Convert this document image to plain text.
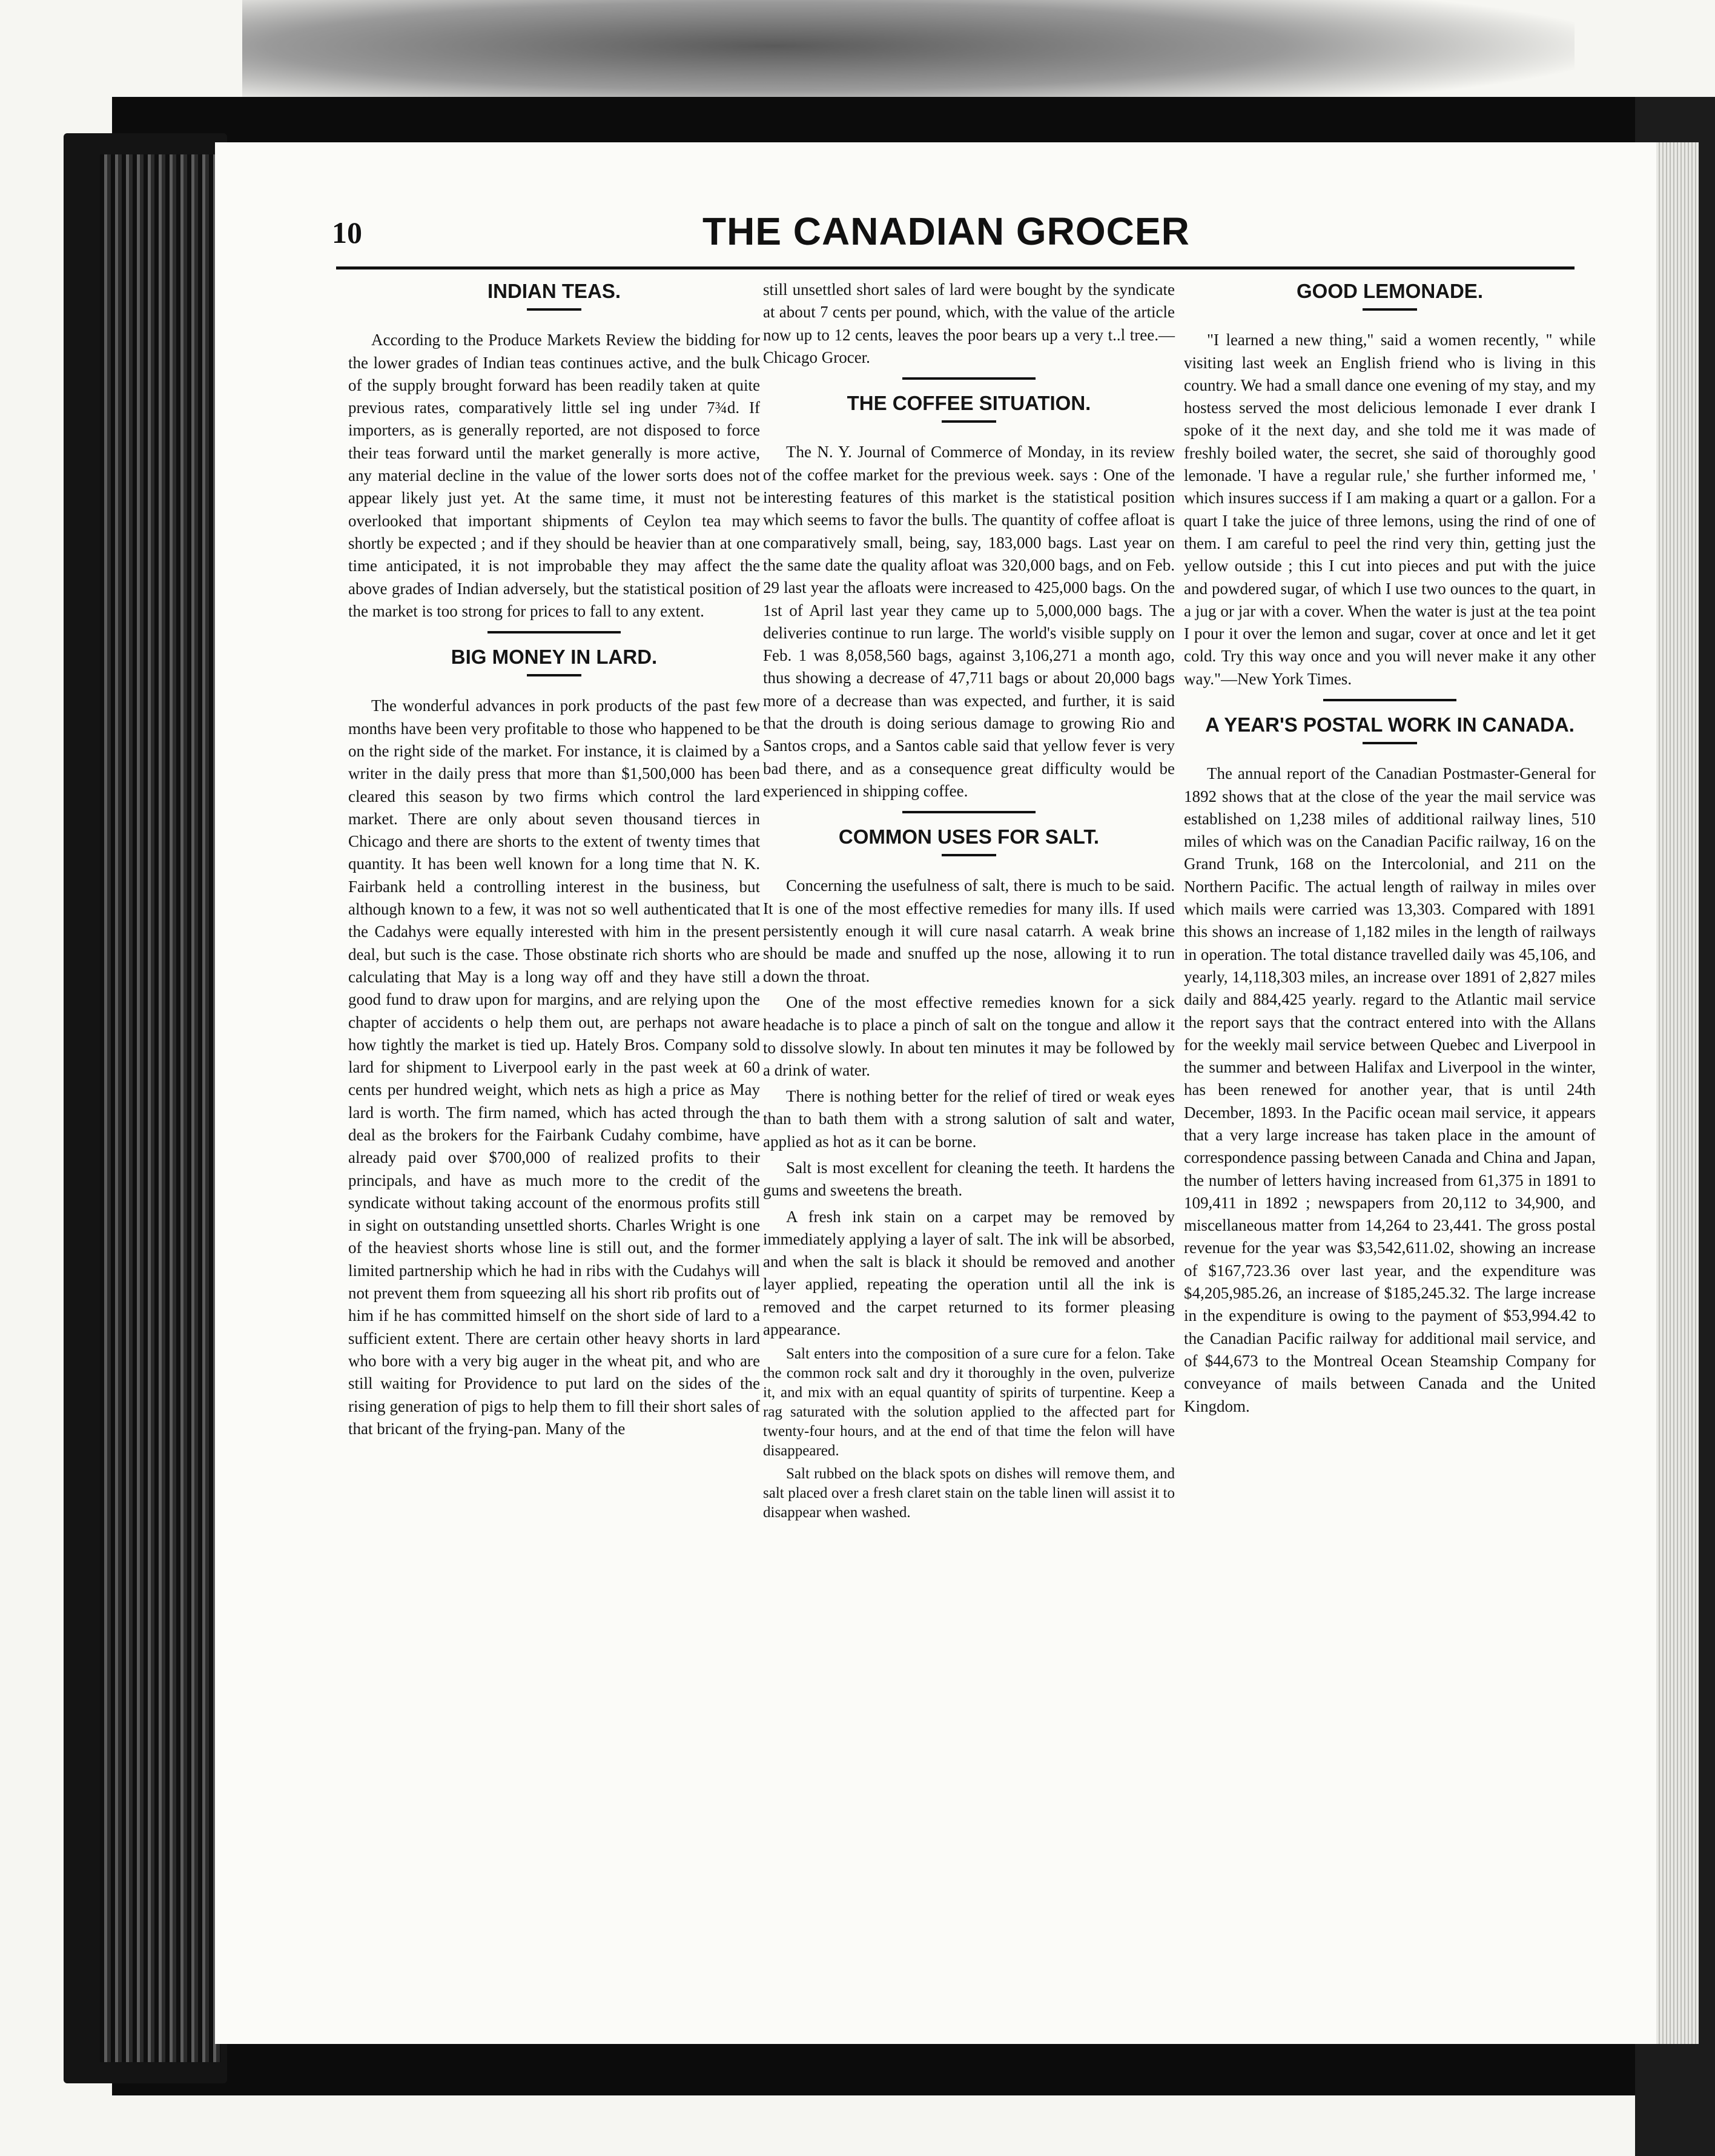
10	THE CANADIAN GROCER
INDIAN TEAS.

According to the Produce Markets Review the bidding for the lower grades of Indian teas continues active, and the bulk of the supply brought forward has been readily taken at quite previous rates, comparatively little sel ing under 7¾d. If importers, as is generally reported, are not disposed to force their teas forward until the market generally is more active, any material decline in the value of the lower sorts does not appear likely just yet. At the same time, it must not be overlooked that important shipments of Ceylon tea may shortly be expected ; and if they should be heavier than at one time anticipated, it is not improbable they may affect the above grades of Indian adversely, but the statistical position of the market is too strong for prices to fall to any extent.

BIG MONEY IN LARD.

The wonderful advances in pork products of the past few months have been very profitable to those who happened to be on the right side of the market. For instance, it is claimed by a writer in the daily press that more than $1,500,000 has been cleared this season by two firms which control the lard market. There are only about seven thousand tierces in Chicago and there are shorts to the extent of twenty times that quantity. It has been well known for a long time that N. K. Fairbank held a controlling interest in the business, but although known to a few, it was not so well authenticated that the Cadahys were equally interested with him in the present deal, but such is the case. Those obstinate rich shorts who are calculating that May is a long way off and they have still a good fund to draw upon for margins, and are relying upon the chapter of accidents o help them out, are perhaps not aware how tightly the market is tied up. Hately Bros. Company sold lard for shipment to Liverpool early in the past week at 60 cents per hundred weight, which nets as high a price as May lard is worth. The firm named, which has acted through the deal as the brokers for the Fairbank Cudahy combime, have already paid over $700,000 of realized profits to their principals, and have as much more to the credit of the syndicate without taking account of the enormous profits still in sight on outstanding unsettled shorts. Charles Wright is one of the heaviest shorts whose line is still out, and the former limited partnership which he had in ribs with the Cudahys will not prevent them from squeezing all his short rib profits out of him if he has committed himself on the short side of lard to a sufficient extent. There are certain other heavy shorts in lard who bore with a very big auger in the wheat pit, and who are still waiting for Providence to put lard on the sides of the rising generation of pigs to help them to fill their short sales of that bricant of the frying-pan. Many of the

still unsettled short sales of lard were bought by the syndicate at about 7 cents per pound, which, with the value of the article now up to 12 cents, leaves the poor bears up a very t..l tree.—Chicago Grocer.

THE COFFEE SITUATION.

The N. Y. Journal of Commerce of Monday, in its review of the coffee market for the previous week. says : One of the interesting features of this market is the statistical position which seems to favor the bulls. The quantity of coffee afloat is comparatively small, being, say, 183,000 bags. Last year on the same date the quality afloat was 320,000 bags, and on Feb. 29 last year the afloats were increased to 425,000 bags. On the 1st of April last year they came up to 5,000,000 bags. The deliveries continue to run large. The world's visible supply on Feb. 1 was 8,058,560 bags, against 3,106,271 a month ago, thus showing a decrease of 47,711 bags or about 20,000 bags more of a decrease than was expected, and further, it is said that the drouth is doing serious damage to growing Rio and Santos crops, and a Santos cable said that yellow fever is very bad there, and as a consequence great difficulty would be experienced in shipping coffee.

COMMON USES FOR SALT.

Concerning the usefulness of salt, there is much to be said. It is one of the most effective remedies for many ills. If used persistently enough it will cure nasal catarrh. A weak brine should be made and snuffed up the nose, allowing it to run down the throat.

One of the most effective remedies known for a sick headache is to place a pinch of salt on the tongue and allow it to dissolve slowly. In about ten minutes it may be followed by a drink of water.

There is nothing better for the relief of tired or weak eyes than to bath them with a strong salution of salt and water, applied as hot as it can be borne.

Salt is most excellent for cleaning the teeth. It hardens the gums and sweetens the breath.

A fresh ink stain on a carpet may be removed by immediately applying a layer of salt. The ink will be absorbed, and when the salt is black it should be removed and another layer applied, repeating the operation until all the ink is removed and the carpet returned to its former pleasing appearance.

Salt enters into the composition of a sure cure for a felon. Take the common rock salt and dry it thoroughly in the oven, pulverize it, and mix with an equal quantity of spirits of turpentine. Keep a rag saturated with the solution applied to the affected part for twenty-four hours, and at the end of that time the felon will have disappeared.

Salt rubbed on the black spots on dishes will remove them, and salt placed over a fresh claret stain on the table linen will assist it to disappear when washed.

GOOD LEMONADE.

"I learned a new thing," said a women recently, " while visiting last week an English friend who is living in this country. We had a small dance one evening of my stay, and my hostess served the most delicious lemonade I ever drank I spoke of it the next day, and she told me it was made of freshly boiled water, the secret, she said of thoroughly good lemonade. 'I have a regular rule,' she further informed me, ' which insures success if I am making a quart or a gallon. For a quart I take the juice of three lemons, using the rind of one of them. I am careful to peel the rind very thin, getting just the yellow outside ; this I cut into pieces and put with the juice and powdered sugar, of which I use two ounces to the quart, in a jug or jar with a cover. When the water is just at the tea point I pour it over the lemon and sugar, cover at once and let it get cold. Try this way once and you will never make it any other way."—New York Times.

A YEAR'S POSTAL WORK IN CANADA.

The annual report of the Canadian Postmaster-General for 1892 shows that at the close of the year the mail service was established on 1,238 miles of additional railway lines, 510 miles of which was on the Canadian Pacific railway, 16 on the Grand Trunk, 168 on the Intercolonial, and 211 on the Northern Pacific. The actual length of railway in miles over which mails were carried was 13,303. Compared with 1891 this shows an increase of 1,182 miles in the length of railways in operation. The total distance travelled daily was 45,106, and yearly, 14,118,303 miles, an increase over 1891 of 2,827 miles daily and 884,425 yearly. regard to the Atlantic mail service the report says that the contract entered into with the Allans for the weekly mail service between Quebec and Liverpool in the summer and between Halifax and Liverpool in the winter, has been renewed for another year, that is until 24th December, 1893. In the Pacific ocean mail service, it appears that a very large increase has taken place in the amount of correspondence passing between Canada and China and Japan, the number of letters having increased from 61,375 in 1891 to 109,411 in 1892 ; newspapers from 20,112 to 34,900, and miscellaneous matter from 14,264 to 23,441. The gross postal revenue for the year was $3,542,611.02, showing an increase of $167,723.36 over last year, and the expenditure was $4,205,985.26, an increase of $185,245.32. The large increase in the expenditure is owing to the payment of $53,994.42 to the Canadian Pacific railway for additional mail service, and of $44,673 to the Montreal Ocean Steamship Company for conveyance of mails between Canada and the United Kingdom.
